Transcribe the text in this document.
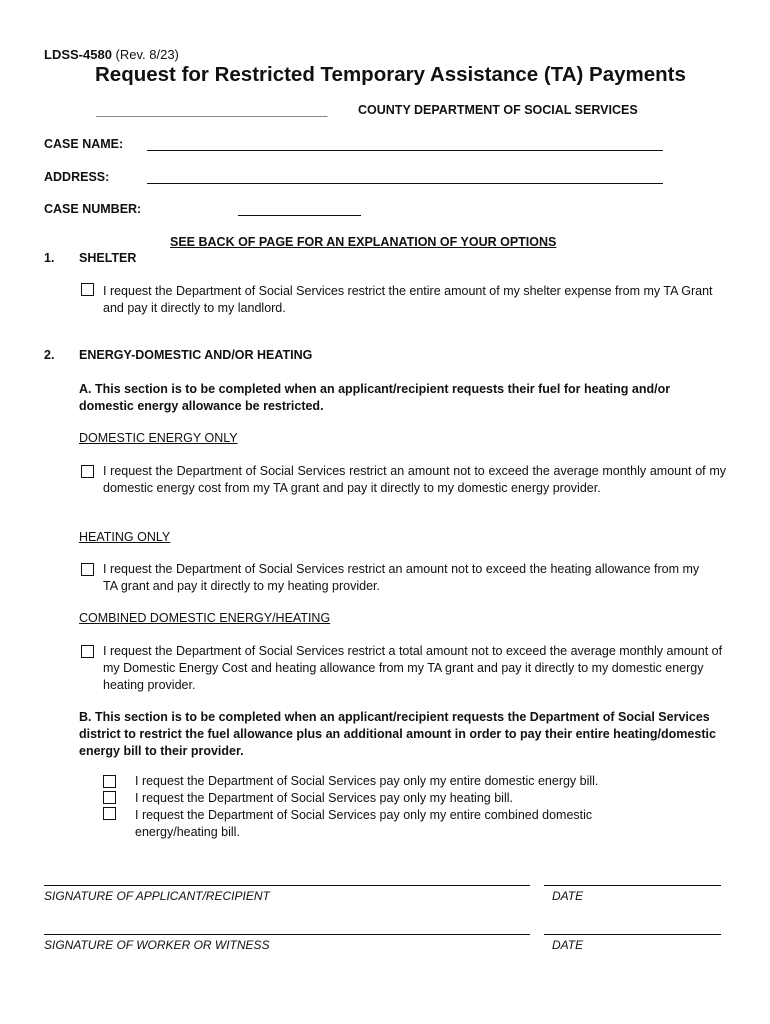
LDSS-4580 (Rev. 8/23)
Request for Restricted Temporary Assistance (TA) Payments
________________________________ COUNTY DEPARTMENT OF SOCIAL SERVICES
CASE NAME:
ADDRESS:
CASE NUMBER:
SEE BACK OF PAGE FOR AN EXPLANATION OF YOUR OPTIONS
1. SHELTER
I request the Department of Social Services restrict the entire amount of my shelter expense from my TA Grant and pay it directly to my landlord.
2. ENERGY-DOMESTIC AND/OR HEATING
A. This section is to be completed when an applicant/recipient requests their fuel for heating and/or domestic energy allowance be restricted.
DOMESTIC ENERGY ONLY
I request the Department of Social Services restrict an amount not to exceed the average monthly amount of my domestic energy cost from my TA grant and pay it directly to my domestic energy provider.
HEATING ONLY
I request the Department of Social Services restrict an amount not to exceed the heating allowance from my TA grant and pay it directly to my heating provider.
COMBINED DOMESTIC ENERGY/HEATING
I request the Department of Social Services restrict a total amount not to exceed the average monthly amount of my Domestic Energy Cost and heating allowance from my TA grant and pay it directly to my domestic energy heating provider.
B. This section is to be completed when an applicant/recipient requests the Department of Social Services district to restrict the fuel allowance plus an additional amount in order to pay their entire heating/domestic energy bill to their provider.
I request the Department of Social Services pay only my entire domestic energy bill.
I request the Department of Social Services pay only my heating bill.
I request the Department of Social Services pay only my entire combined domestic energy/heating bill.
SIGNATURE OF APPLICANT/RECIPIENT	DATE
SIGNATURE OF WORKER OR WITNESS	DATE
